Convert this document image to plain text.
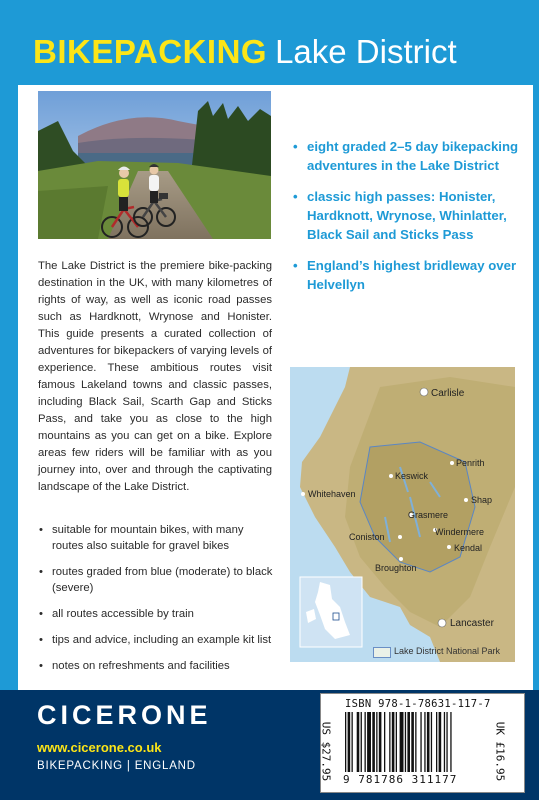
BIKEPACKING Lake District

The Lake District is the premiere bike-packing destination in the UK, with many kilometres of rights of way, as well as iconic road passes such as Hardknott, Wrynose and Honister. This guide presents a curated collection of adventures for bikepackers of varying levels of experience. These ambitious routes visit famous Lakeland towns and classic passes, including Black Sail, Scarth Gap and Sticks Pass, and take you as close to the high mountains as you can get on a bike. Explore areas few riders will be familiar with as you journey into, over and through the captivating landscape of the Lake District.

• suitable for mountain bikes, with many routes also suitable for gravel bikes
• routes graded from blue (moderate) to black (severe)
• all routes accessible by train
• tips and advice, including an example kit list
• notes on refreshments and facilities
• eight graded 2–5 day bikepacking adventures in the Lake District
• classic high passes: Honister, Hardknott, Wrynose, Whinlatter, Black Sail and Sticks Pass
• England’s highest bridleway over Helvellyn
Carlisle
Penrith
Keswick
Whitehaven
Shap
Grasmere
Coniston	Windermere
Kendal
Broughton
Lancaster
Lake District National Park
CICERONE
www.cicerone.co.uk
BIKEPACKING | ENGLAND
ISBN 978-1-78631-117-7
9 781786 311177
US $27.95	UK £16.95
